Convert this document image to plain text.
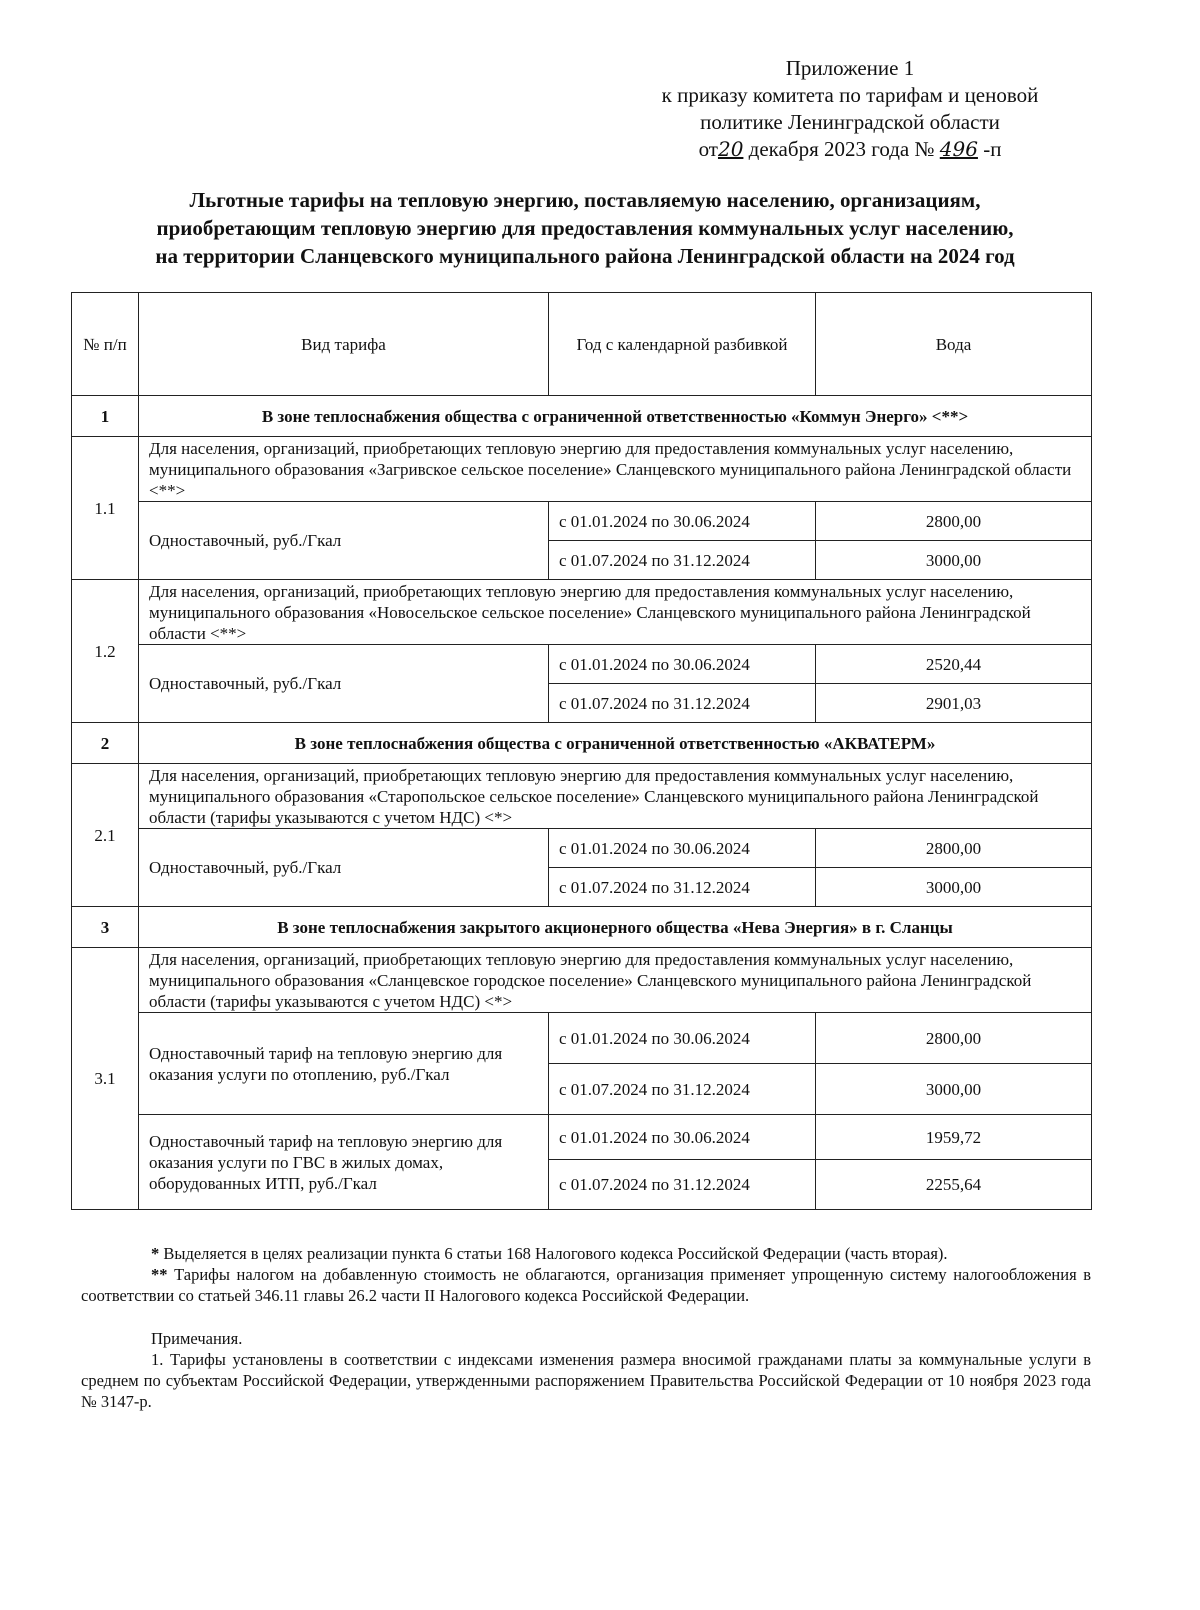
Приложение 1
к приказу комитета по тарифам и ценовой
политике Ленинградской области
от20 декабря 2023 года № 496 -п
Льготные тарифы на тепловую энергию, поставляемую населению, организациям,
приобретающим тепловую энергию для предоставления коммунальных услуг населению,
на территории Сланцевского муниципального района Ленинградской области на 2024 год
№ п/п	Вид тарифа	Год с календарной разбивкой	Вода
1	В зоне теплоснабжения общества с ограниченной ответственностью «Коммун Энерго» <**>		
1.1	Для населения, организаций, приобретающих тепловую энергию для предоставления коммунальных услуг населению, муниципального образования «Загривское сельское поселение» Сланцевского муниципального района Ленинградской области <**>		
	Одноставочный, руб./Гкал	с 01.01.2024 по 30.06.2024	2800,00
		с 01.07.2024 по 31.12.2024	3000,00
1.2	Для населения, организаций, приобретающих тепловую энергию для предоставления коммунальных услуг населению, муниципального образования «Новосельское сельское поселение» Сланцевского муниципального района Ленинградской области <**>		
	Одноставочный, руб./Гкал	с 01.01.2024 по 30.06.2024	2520,44
		с 01.07.2024 по 31.12.2024	2901,03
2	В зоне теплоснабжения общества с ограниченной ответственностью «АКВАТЕРМ»		
2.1	Для населения, организаций, приобретающих тепловую энергию для предоставления коммунальных услуг населению, муниципального образования «Старопольское сельское поселение» Сланцевского муниципального района Ленинградской области (тарифы указываются с учетом НДС) <*>		
	Одноставочный, руб./Гкал	с 01.01.2024 по 30.06.2024	2800,00
		с 01.07.2024 по 31.12.2024	3000,00
3	В зоне теплоснабжения закрытого акционерного общества «Нева Энергия» в г. Сланцы		
3.1	Для населения, организаций, приобретающих тепловую энергию для предоставления коммунальных услуг населению, муниципального образования «Сланцевское городское поселение» Сланцевского муниципального района Ленинградской области (тарифы указываются с учетом НДС) <*>		
	Одноставочный тариф на тепловую энергию для оказания услуги по отоплению, руб./Гкал	с 01.01.2024 по 30.06.2024	2800,00
		с 01.07.2024 по 31.12.2024	3000,00
	Одноставочный тариф на тепловую энергию для оказания услуги по ГВС в жилых домах, оборудованных ИТП, руб./Гкал	с 01.01.2024 по 30.06.2024	1959,72
		с 01.07.2024 по 31.12.2024	2255,64

* Выделяется в целях реализации пункта 6 статьи 168 Налогового кодекса Российской Федерации (часть вторая).

** Тарифы налогом на добавленную стоимость не облагаются, организация применяет упрощенную систему налогообложения в соответствии со статьей 346.11 главы 26.2 части II Налогового кодекса Российской Федерации.

Примечания.

1. Тарифы установлены в соответствии с индексами изменения размера вносимой гражданами платы за коммунальные услуги в среднем по субъектам Российской Федерации, утвержденными распоряжением Правительства Российской Федерации от 10 ноября 2023 года № 3147-р.
